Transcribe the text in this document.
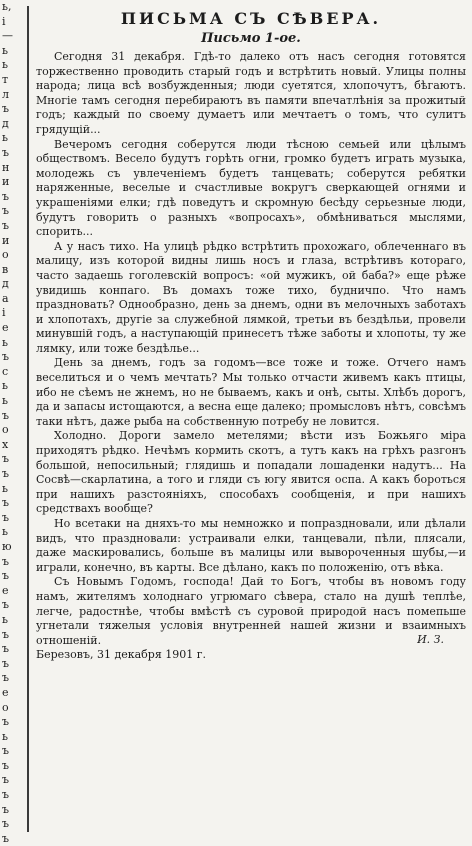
ь,
і
—
ь
ь
т
л
ъ
д
ь
ъ
н
и
ъ
ъ
ъ
и
о
в
д
а
і
е
ь
ъ
с
ь
ь
ъ
о
х
ъ
ъ
ь
ъ
ъ
ь
ю
ъ
ъ
е
ъ
ь
ъ
ъ
ъ
ъ
е
о
ъ
ь
ъ
ъ
ъ
ъ
ъ
ъ
ъ
ПИСЬМА СЪ СѢВЕРА.
Письмо 1-ое.

Сегодня 31 декабря. Гдѣ-то далеко отъ насъ сегодня готовятся торжественно проводить старый годъ и встрѣтить новый. Улицы полны народа; лица всѣ возбужденныя; люди суетятся, хлопочутъ, бѣгаютъ. Многіе тамъ сегодня перебираютъ въ памяти впечатлѣнія за прожитый годъ; каждый по своему думаетъ или мечтаетъ о томъ, что сулитъ грядущій...

Вечеромъ сегодня соберутся люди тѣсною семьей или цѣлымъ обществомъ. Весело будутъ горѣть огни, громко будетъ играть музыка, молодежь съ увлеченіемъ будетъ танцевать; соберутся ребятки наряженные, веселые и счастливые вокругъ сверкающей огнями и украшеніями елки; гдѣ поведутъ и скромную бесѣду серьезные люди, будутъ говорить о разныхъ «вопросахъ», обмѣниваться мыслями, спорить...

А у насъ тихо. На улицѣ рѣдко встрѣтить прохожаго, облеченнаго въ малицу, изъ которой видны лишь носъ и глаза, встрѣтивъ котораго, часто задаешь гоголевскій вопросъ: «ой мужикъ, ой баба?» еще рѣже увидишь конпаго. Въ домахъ тоже тихо, будничпо. Что намъ праздновать? Однообразно, день за днемъ, одни въ мелочныхъ заботахъ и хлопотахъ, другіе за служебной лямкой, третьи въ бездѣльи, провели минувшій годъ, а наступающій принесетъ тѣже заботы и хлопоты, ту же лямку, или тоже бездѣлье...

День за днемъ, годъ за годомъ—все тоже и тоже. Отчего намъ веселиться и о чемъ мечтать? Мы только отчасти живемъ какъ птицы, ибо не сѣемъ не жнемъ, но не бываемъ, какъ и онѣ, сыты. Хлѣбъ дорогъ, да и запасы истощаются, а весна еще далеко; промысловъ нѣтъ, совсѣмъ таки нѣтъ, даже рыба на собственную потребу не ловится.

Холодно. Дороги замело метелями; вѣсти изъ Божьяго міра приходятъ рѣдко. Нечѣмъ кормить скотъ, а тутъ какъ на грѣхъ разгонъ большой, непосильный; глядишь и попадали лошаденки надутъ... На Сосвѣ—скарлатина, а того и гляди съ югу явится оспа. А какъ бороться при нашихъ разстояніяхъ, способахъ сообщенія, и при нашихъ средствахъ вообще?

Но всетаки на дняхъ-то мы немножко и попраздновали, или дѣлали видъ, что праздновали: устраивали елки, танцевали, пѣли, плясали, даже маскировались, больше въ малицы или вывороченныя шубы,—и играли, конечно, въ карты. Все дѣлано, какъ по положенію, отъ вѣка.

Съ Новымъ Годомъ, господа! Дай то Богъ, чтобы въ новомъ году намъ, жителямъ холоднаго угрюмаго сѣвера, стало на душѣ теплѣе, легче, радостнѣе, чтобы вмѣстѣ съ суровой природой насъ помепьше угнетали тяжелыя условія внутренней нашей жизни и взаимныхъ отношеній.	И. З.
Березовъ, 31 декабря 1901 г.
